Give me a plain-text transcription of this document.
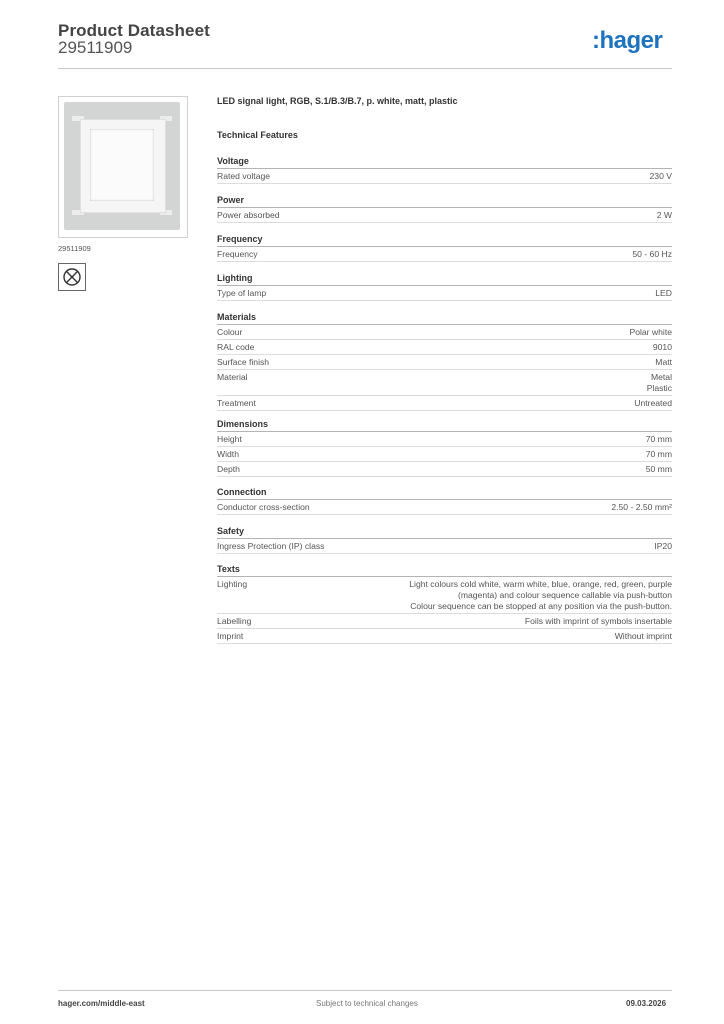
Product Datasheet
29511909	:hager
29511909
LED signal light, RGB, S.1/B.3/B.7, p. white, matt, plastic
Technical Features
Voltage
Rated voltage	230 V
Power
Power absorbed	2 W
Frequency
Frequency	50 - 60 Hz
Lighting
Type of lamp	LED
Materials
Colour	Polar white
RAL code	9010
Surface finish	Matt
Material	Metal
Plastic
Treatment	Untreated
Dimensions
Height	70 mm
Width	70 mm
Depth	50 mm
Connection
Conductor cross-section	2.50 - 2.50 mm²
Safety
Ingress Protection (IP) class	IP20
Texts
Lighting	Light colours cold white, warm white, blue, orange, red, green, purple
(magenta) and colour sequence callable via push-button
Colour sequence can be stopped at any position via the push-button.
Labelling	Foils with imprint of symbols insertable
Imprint	Without imprint
hager.com/middle-east	Subject to technical changes	09.03.2026
